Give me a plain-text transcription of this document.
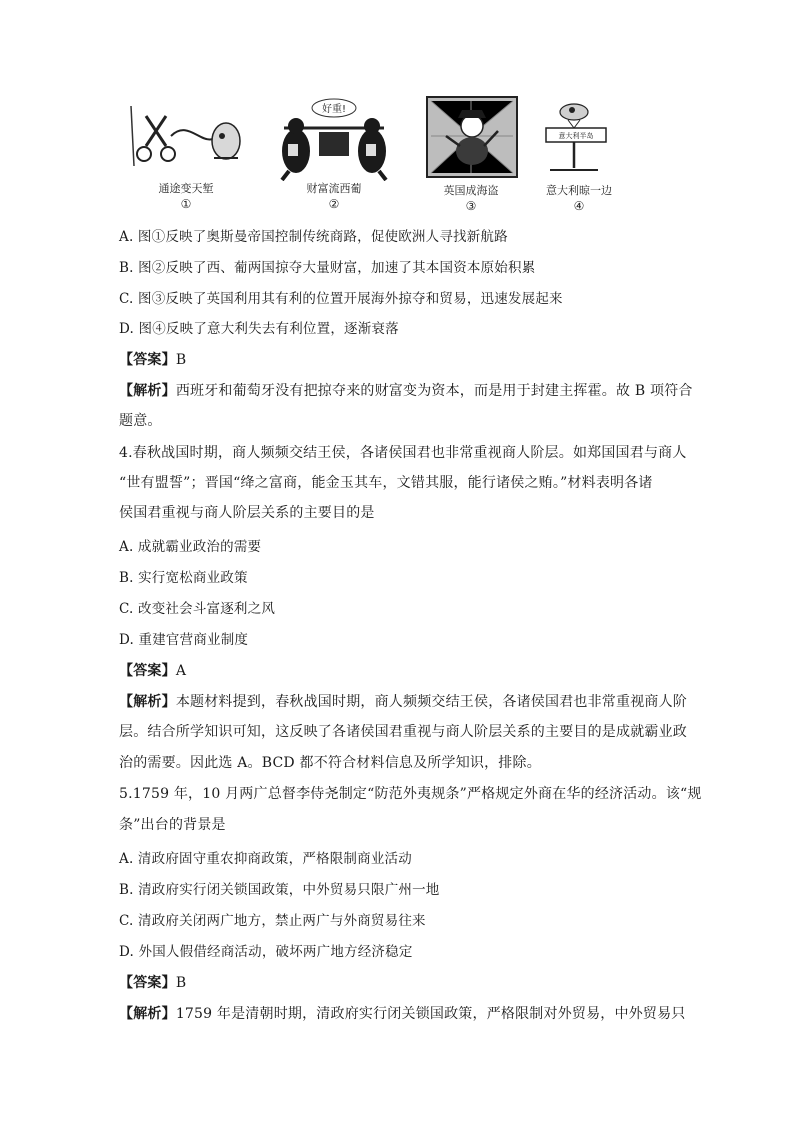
通途变天堑
①
好重!
财富流西葡
②
英国成海盗
③
意大利半岛
意大利晾一边
④
A. 图①反映了奥斯曼帝国控制传统商路，促使欧洲人寻找新航路
B. 图②反映了西、葡两国掠夺大量财富，加速了其本国资本原始积累
C. 图③反映了英国利用其有利的位置开展海外掠夺和贸易，迅速发展起来
D. 图④反映了意大利失去有利位置，逐渐衰落
【答案】B
【解析】西班牙和葡萄牙没有把掠夺来的财富变为资本，而是用于封建主挥霍。故 B 项符合
题意。
4.春秋战国时期，商人频频交结王侯，各诸侯国君也非常重视商人阶层。如郑国国君与商人
“世有盟誓”；晋国“绛之富商，能金玉其车，文错其服，能行诸侯之贿。”材料表明各诸
侯国君重视与商人阶层关系的主要目的是
A. 成就霸业政治的需要
B. 实行宽松商业政策
C. 改变社会斗富逐利之风
D. 重建官营商业制度
【答案】A
【解析】本题材料提到，春秋战国时期，商人频频交结王侯，各诸侯国君也非常重视商人阶
层。结合所学知识可知，这反映了各诸侯国君重视与商人阶层关系的主要目的是成就霸业政
治的需要。因此选 A。BCD 都不符合材料信息及所学知识，排除。
5.1759 年，10 月两广总督李侍尧制定“防范外夷规条”严格规定外商在华的经济活动。该“规
条”出台的背景是
A. 清政府固守重农抑商政策，严格限制商业活动
B. 清政府实行闭关锁国政策，中外贸易只限广州一地
C. 清政府关闭两广地方，禁止两广与外商贸易往来
D. 外国人假借经商活动，破坏两广地方经济稳定
【答案】B
【解析】1759 年是清朝时期，清政府实行闭关锁国政策，严格限制对外贸易，中外贸易只
